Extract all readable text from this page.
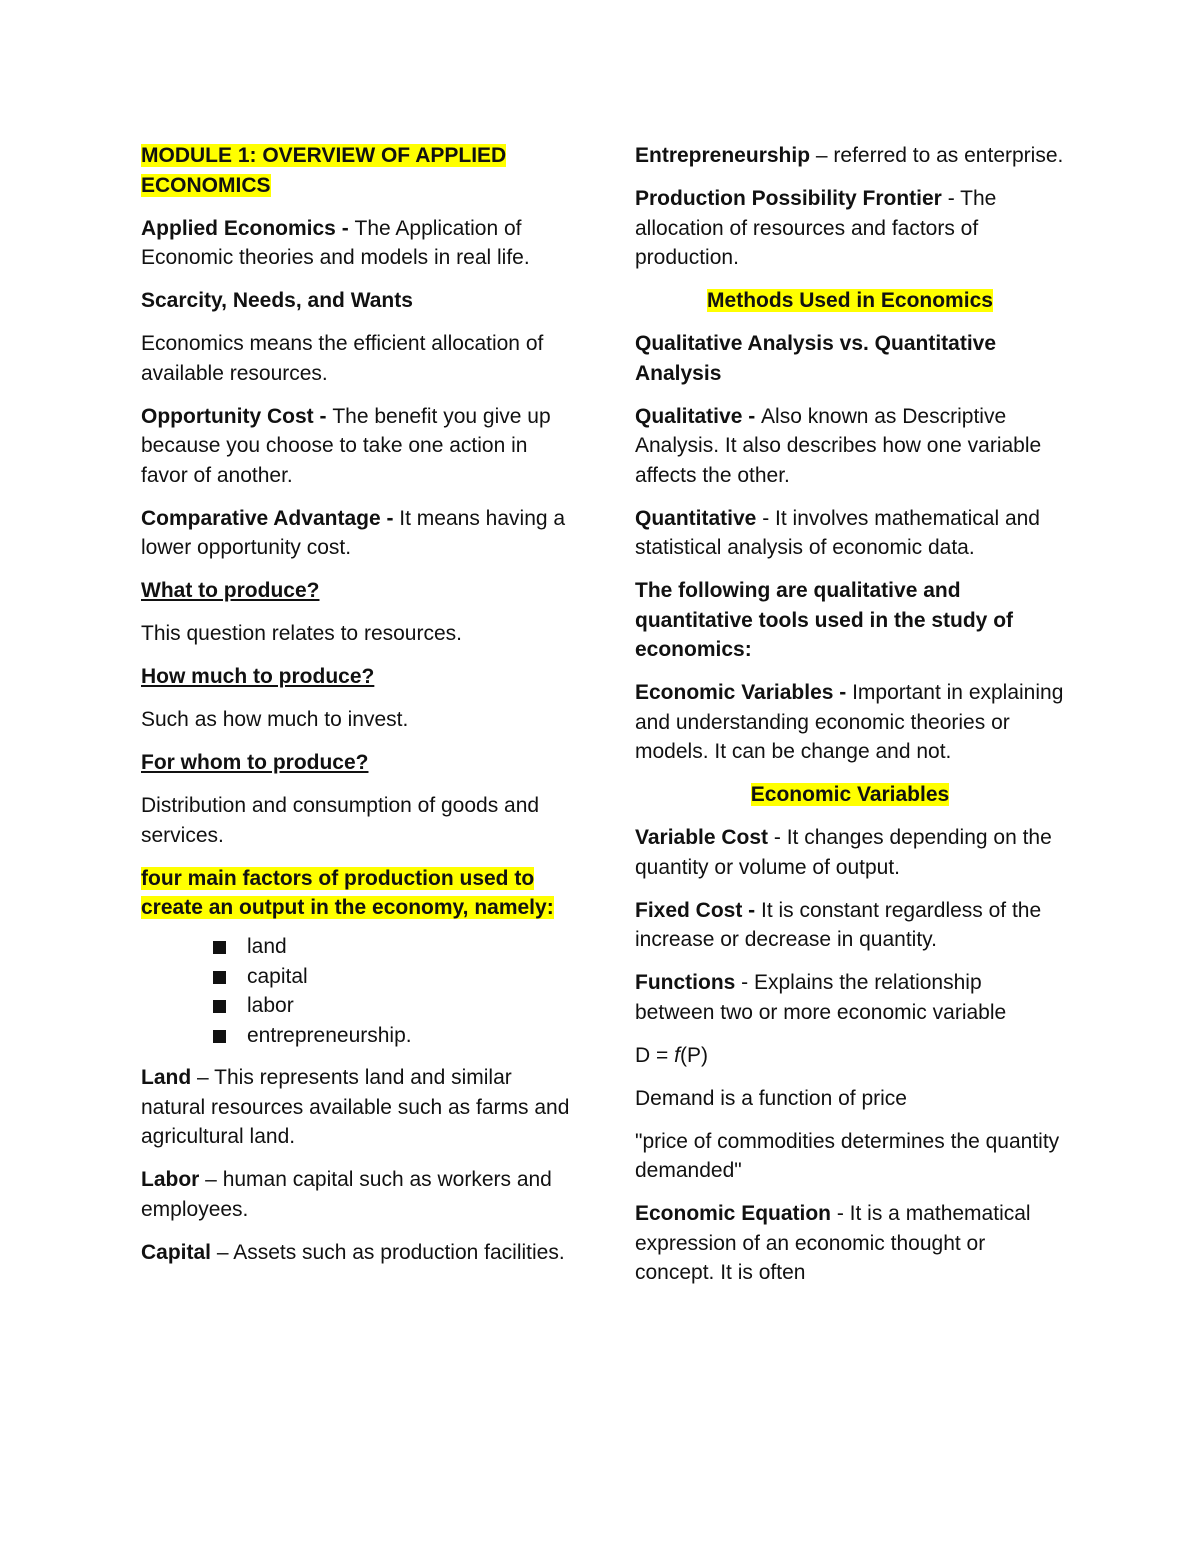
MODULE 1: OVERVIEW OF APPLIED ECONOMICS

Applied Economics - The Application of Economic theories and models in real life.

Scarcity, Needs, and Wants

Economics means the efficient allocation of available resources.

Opportunity Cost - The benefit you give up because you choose to take one action in favor of another.

Comparative Advantage - It means having a lower opportunity cost.

What to produce?

This question relates to resources.

How much to produce?

Such as how much to invest.

For whom to produce?

Distribution and consumption of goods and services.

four main factors of production used to create an output in the economy, namely:

land
capital
labor
entrepreneurship.

Land – This represents land and similar natural resources available such as farms and agricultural land.

Labor – human capital such as workers and employees.

Capital – Assets such as production facilities.

Entrepreneurship – referred to as enterprise.

Production Possibility Frontier - The allocation of resources and factors of production.

Methods Used in Economics

Qualitative Analysis vs. Quantitative Analysis

Qualitative - Also known as Descriptive Analysis. It also describes how one variable affects the other.

Quantitative - It involves mathematical and statistical analysis of economic data.

The following are qualitative and quantitative tools used in the study of economics:

Economic Variables - Important in explaining and understanding economic theories or models. It can be change and not.

Economic Variables

Variable Cost - It changes depending on the quantity or volume of output.

Fixed Cost - It is constant regardless of the increase or decrease in quantity.

Functions - Explains the relationship between two or more economic variable

D = f(P)

Demand is a function of price

"price of commodities determines the quantity demanded"

Economic Equation - It is a mathematical expression of an economic thought or concept. It is often
